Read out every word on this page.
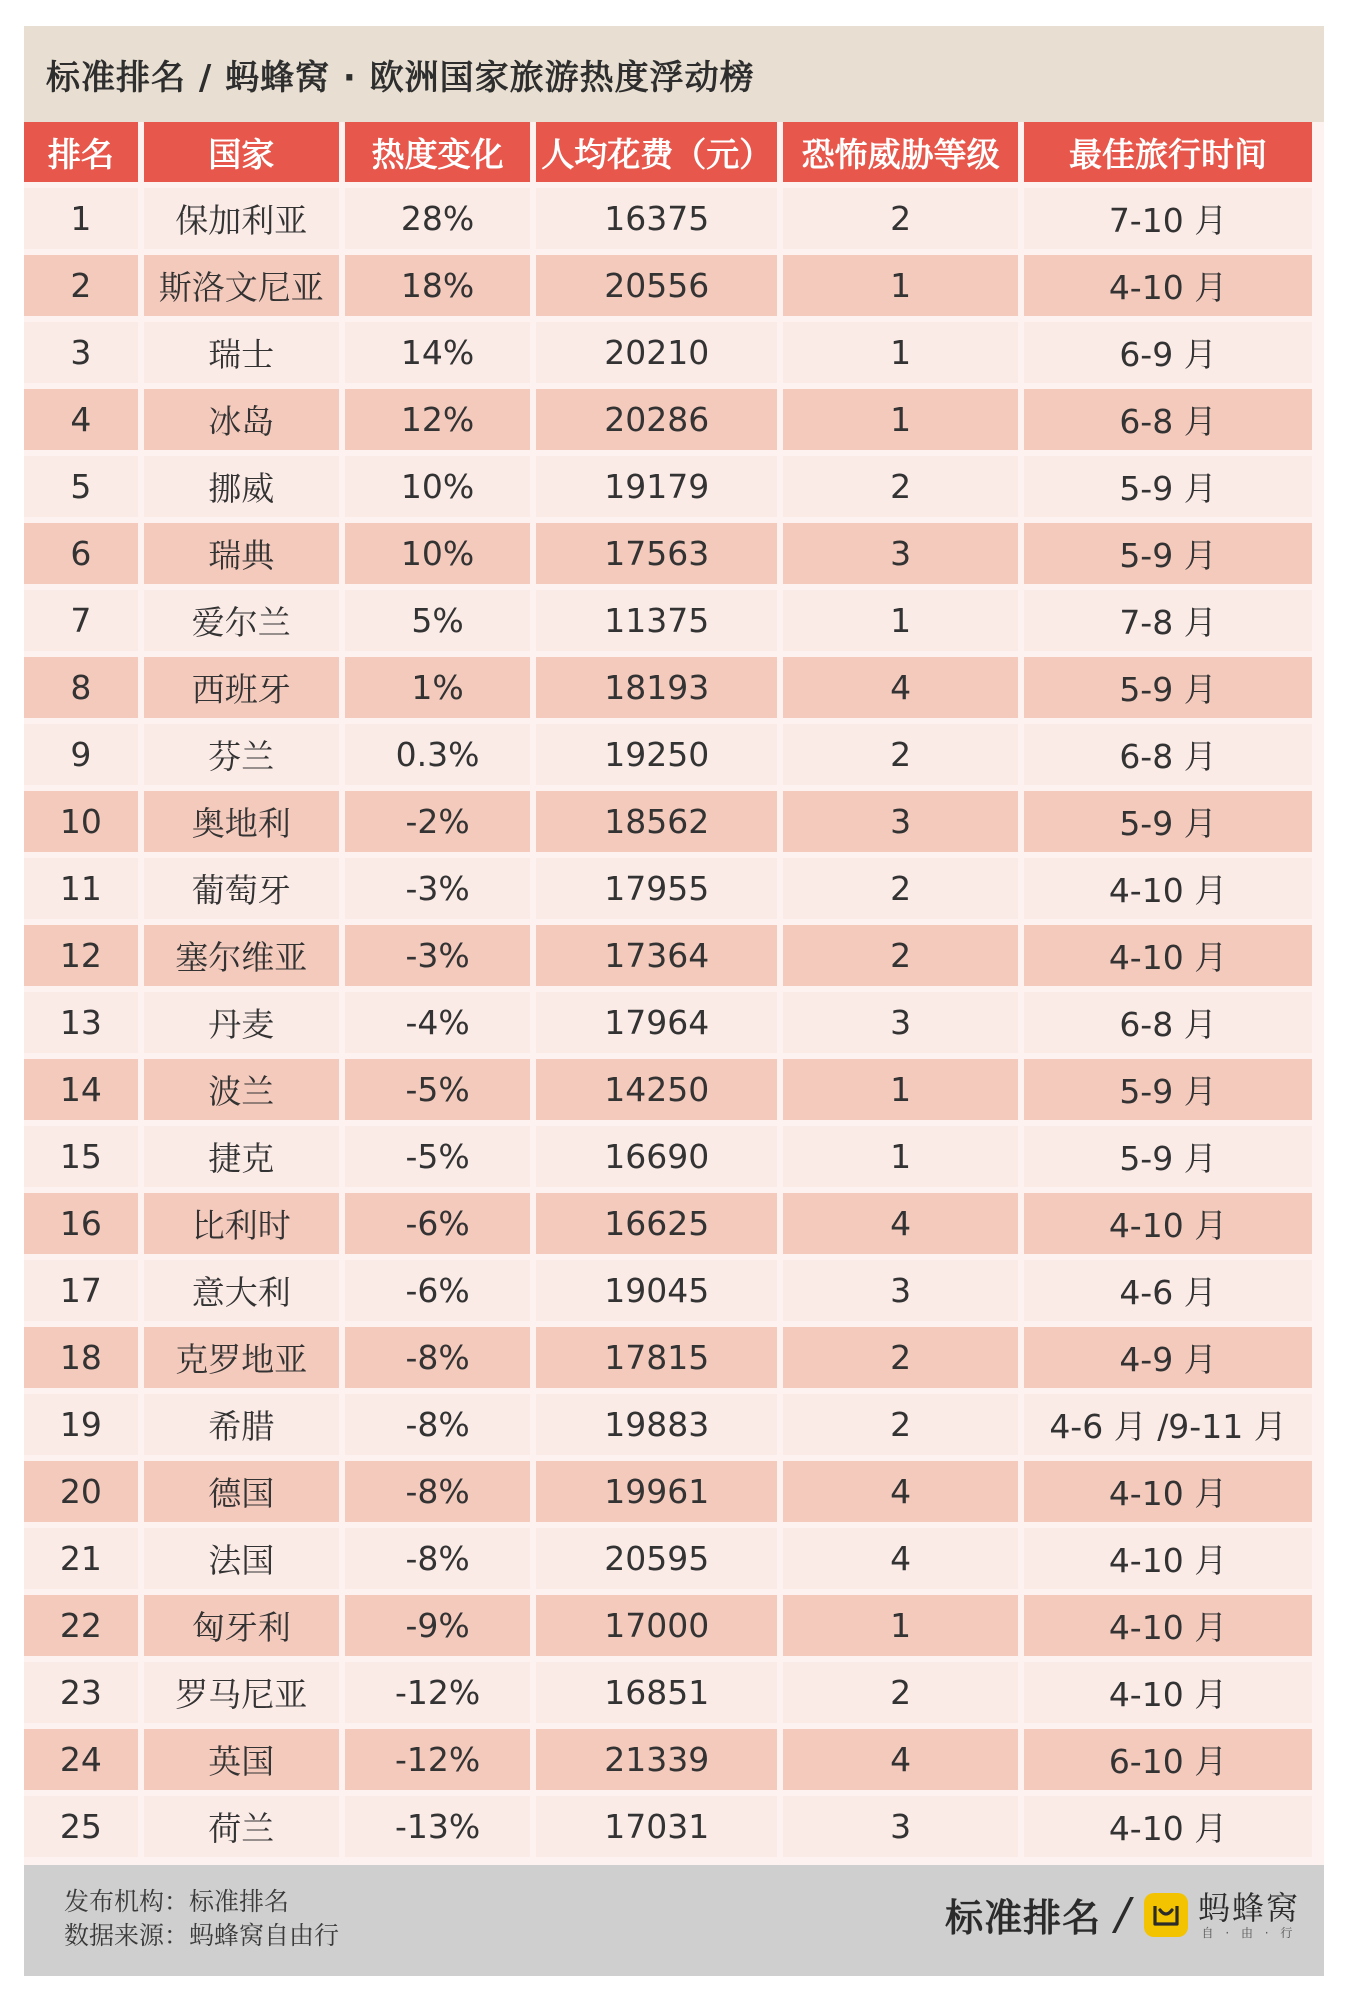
标准排名 / 蚂蜂窝 · 欧洲国家旅游热度浮动榜
排名	国家	热度变化	人均花费（元）	恐怖威胁等级	最佳旅行时间
1	保加利亚	28%	16375	2	7-10 月
2	斯洛文尼亚	18%	20556	1	4-10 月
3	瑞士	14%	20210	1	6-9 月
4	冰岛	12%	20286	1	6-8 月
5	挪威	10%	19179	2	5-9 月
6	瑞典	10%	17563	3	5-9 月
7	爱尔兰	5%	11375	1	7-8 月
8	西班牙	1%	18193	4	5-9 月
9	芬兰	0.3%	19250	2	6-8 月
10	奥地利	-2%	18562	3	5-9 月
11	葡萄牙	-3%	17955	2	4-10 月
12	塞尔维亚	-3%	17364	2	4-10 月
13	丹麦	-4%	17964	3	6-8 月
14	波兰	-5%	14250	1	5-9 月
15	捷克	-5%	16690	1	5-9 月
16	比利时	-6%	16625	4	4-10 月
17	意大利	-6%	19045	3	4-6 月
18	克罗地亚	-8%	17815	2	4-9 月
19	希腊	-8%	19883	2	4-6 月 /9-11 月
20	德国	-8%	19961	4	4-10 月
21	法国	-8%	20595	4	4-10 月
22	匈牙利	-9%	17000	1	4-10 月
23	罗马尼亚	-12%	16851	2	4-10 月
24	英国	-12%	21339	4	6-10 月
25	荷兰	-13%	17031	3	4-10 月
发布机构：标准排名
数据来源：蚂蜂窝自由行	标准排名 / 蚂蜂窝
自 · 由 · 行
